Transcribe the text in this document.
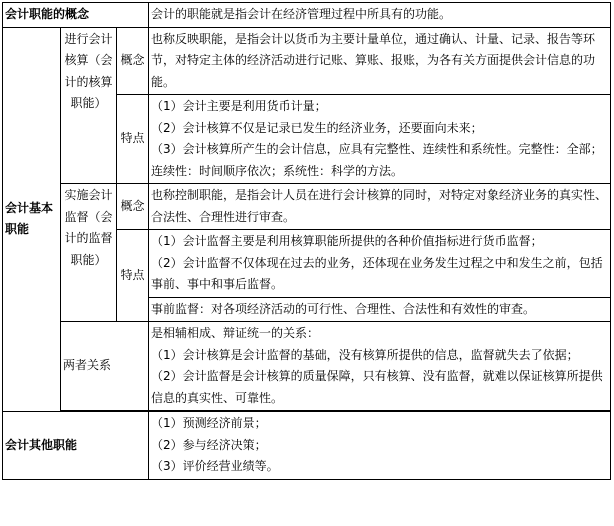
会计职能的概念			会计的职能就是指会计在经济管理过程中所具有的功能。
会计基本职能	进行会计核算（会计的核算职能）	概念	也称反映职能，是指会计以货币为主要计量单位，通过确认、计量、记录、报告等环节，对特定主体的经济活动进行记账、算账、报账，为各有关方面提供会计信息的功能。
		特点	（1）会计主要是利用货币计量；
（2）会计核算不仅是记录已发生的经济业务，还要面向未来；
（3）会计核算所产生的会计信息，应具有完整性、连续性和系统性。完整性：全部；连续性：时间顺序依次；系统性：科学的方法。

	实施会计监督（会计的监督职能）	概念	也称控制职能，是指会计人员在进行会计核算的同时，对特定对象经济业务的真实性、合法性、合理性进行审查。
		特点	（1）会计监督主要是利用核算职能所提供的各种价值指标进行货币监督；
（2）会计监督不仅体现在过去的业务，还体现在业务发生过程之中和发生之前，包括事前、事中和事后监督。

			事前监督：对各项经济活动的可行性、合理性、合法性和有效性的审查。
	两者关系		是相辅相成、辩证统一的关系：
（1）会计核算是会计监督的基础，没有核算所提供的信息，监督就失去了依据；
（2）会计监督是会计核算的质量保障，只有核算、没有监督，就难以保证核算所提供信息的真实性、可靠性。

会计其他职能			（1）预测经济前景；
（2）参与经济决策；
（3）评价经营业绩等。
